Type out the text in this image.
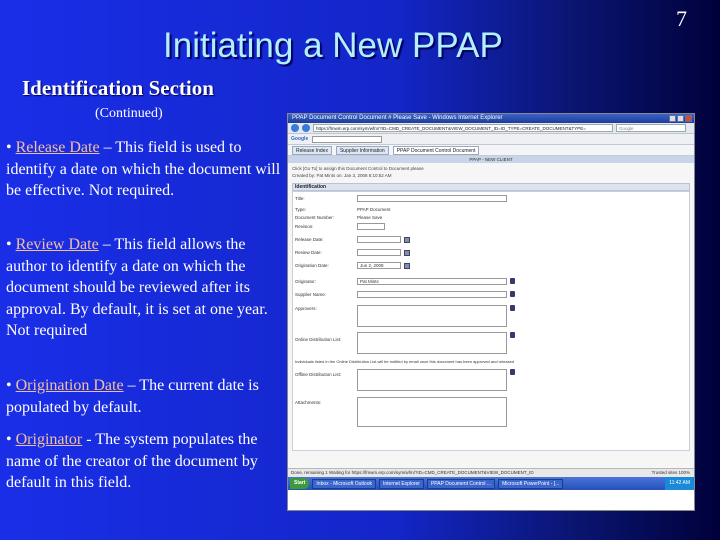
7
Initiating a New PPAP
Identification Section
(Continued)
• Release Date – This field is used to identify a date on which the document will be effective. Not required.
• Review Date – This field allows the author to identify a date on which the document should be reviewed after its approval. By default, it is set at one year. Not required
• Origination Date – The current date is populated by default.
• Originator - The system populates the name of the creator of the document by default in this field.
PPAP Document Control Document # Please Save - Windows Internet Explorer
https://fmwm.erp.com/sym/wfm/?ID=CMD_CREATE_DOCUMENT&VIEW_DOCUMENT_ID=ID_TYPE=CREATE_DOCUMENT&TYPE=	Google
Google
Release Index	Supplier Information	PPAP Document Control Document
PPAP - NEW CLIENT
Click [Go To] to assign this Document Control to Document please
Created by: Pat Mints on: Jan 3, 2008 8:10:52 AM
Identification
Title:
Type:	PPAP Document
Document Number:	Please Save
Revision:
Release Date:
Review Date:
Origination Date:	Jun 2, 2008
Originator:	Pat Mints
Supplier Name:
Approvers:
Online Distribution List:
Individuals listed in the Online Distribution List will be notified by email once this document has been approved and released
Offline Distribution List:
Attachments:
Done, remaining 1 Waiting for https://fmwm.erp.com/sym/wfm/?ID=CMD_CREATE_DOCUMENT&VIEW_DOCUMENT_ID	Trusted sites 100%
Start	Inbox - Microsoft Outlook	Internet Explorer	PPAP Document Control ...	Microsoft PowerPoint - [...	11:42 AM
